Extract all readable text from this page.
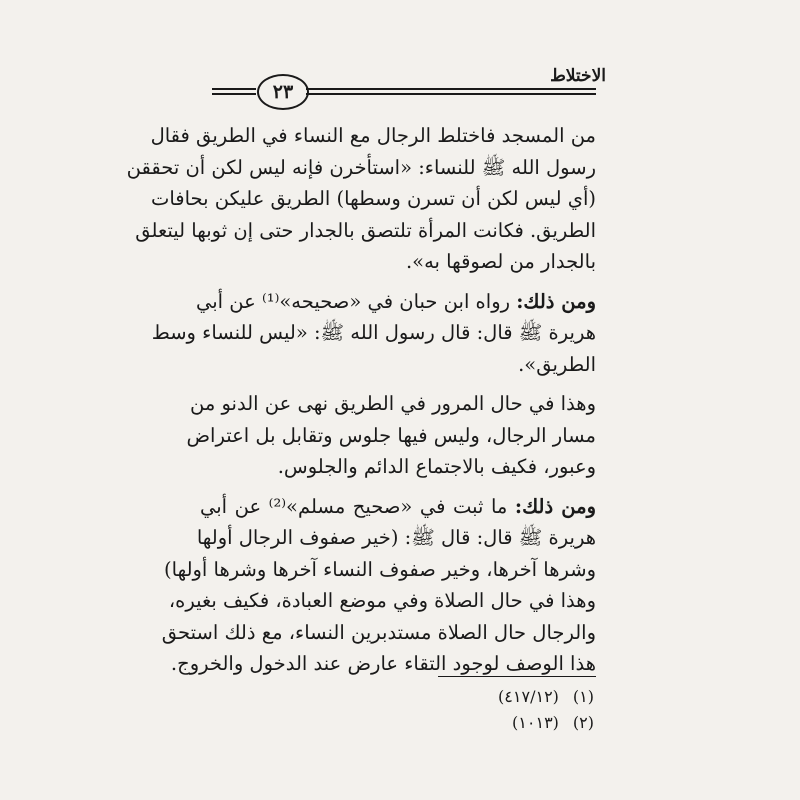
الاختلاط
٢٣
من المسجد فاختلط الرجال مع النساء في الطريق فقال
رسول الله ﷺ للنساء: «استأخرن فإنه ليس لكن أن تحققن
(أي ليس لكن أن تسرن وسطها) الطريق عليكن بحافات
الطريق. فكانت المرأة تلتصق بالجدار حتى إن ثوبها ليتعلق
بالجدار من لصوقها به».
ومن ذلك: رواه ابن حبان في «صحيحه»⁽¹⁾ عن أبي
هريرة ﷺ قال: قال رسول الله ﷺ: «ليس للنساء وسط
الطريق».
وهذا في حال المرور في الطريق نهى عن الدنو من
مسار الرجال، وليس فيها جلوس وتقابل بل اعتراض
وعبور، فكيف بالاجتماع الدائم والجلوس.
ومن ذلك: ما ثبت في «صحيح مسلم»⁽²⁾ عن أبي
هريرة ﷺ قال: قال ﷺ: (خير صفوف الرجال أولها
وشرها آخرها، وخير صفوف النساء آخرها وشرها أولها)
وهذا في حال الصلاة وفي موضع العبادة، فكيف بغيره،
والرجال حال الصلاة مستدبرين النساء، مع ذلك استحق
هذا الوصف لوجود التقاء عارض عند الدخول والخروج.
(١)
(٤١٧/١٢)
(٢)
(١٠١٣)
